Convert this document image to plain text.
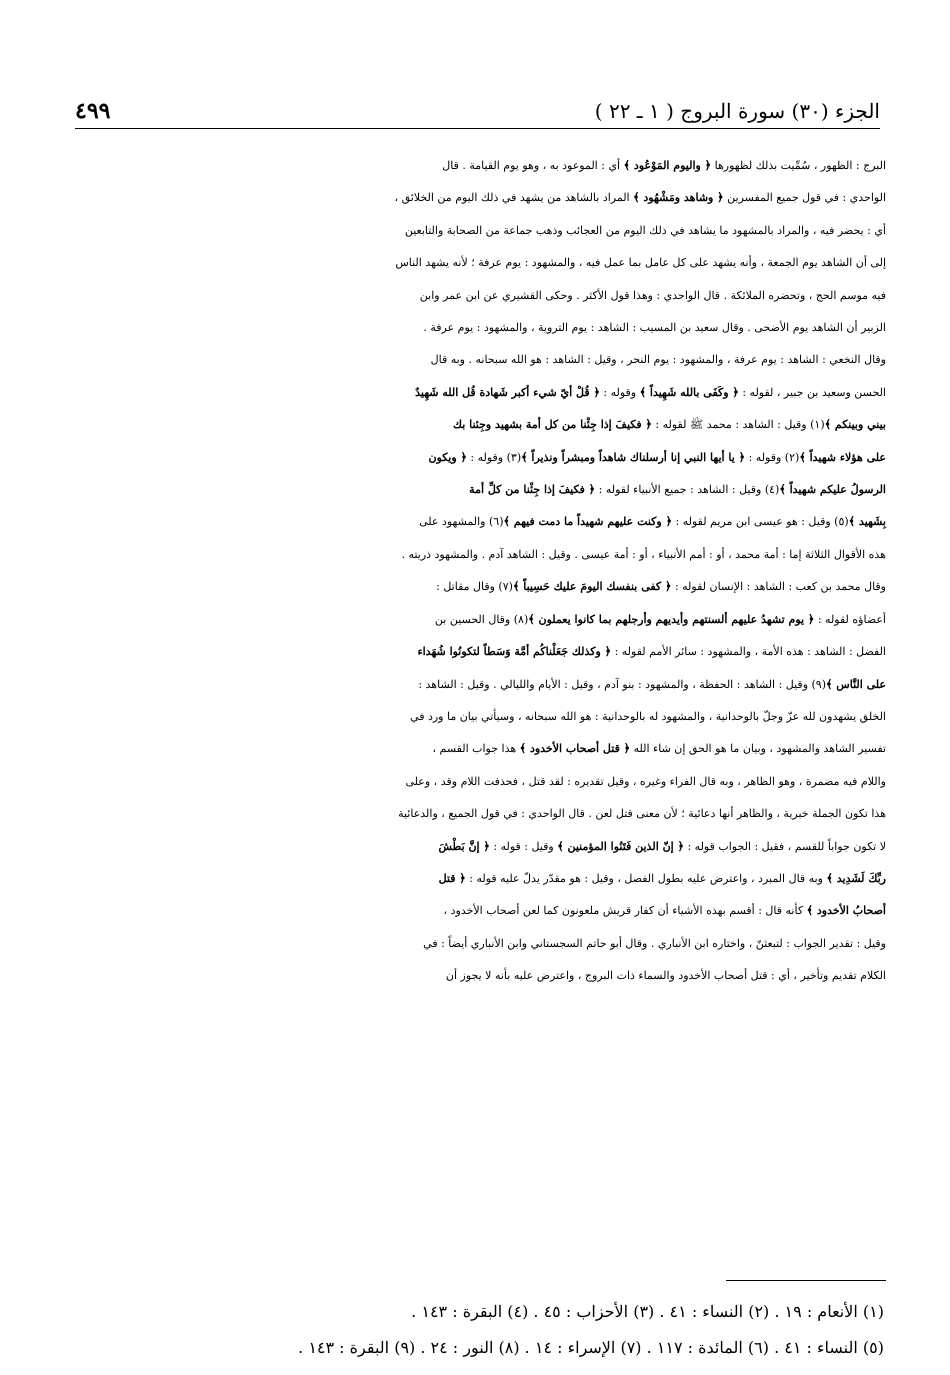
الجزء (٣٠) سورة البروج ( ١ ـ ٢٢ )
٤٩٩

البرج : الظهور ، سُمِّيت بذلك لظهورها ﴿ واليوم المَوْعُود ﴾ أي : الموعود به ، وهو يوم القيامة . قال

الواحدي : في قول جميع المفسرين ﴿ وشاهد ومَشْهُود ﴾ المراد بالشاهد من يشهد في ذلك اليوم من الخلائق ،

أي : يحضر فيه ، والمراد بالمشهود ما يشاهد في ذلك اليوم من العجائب وذهب جماعة من الصحابة والتابعين

إلى أن الشاهد يوم الجمعة ، وأنه يشهد على كل عامل بما عمل فيه ، والمشهود : يوم عرفة ؛ لأنه يشهد الناس

فيه موسم الحج ، وتحضره الملائكة . قال الواحدي : وهذا قول الأكثر . وحكى القشيري عن ابن عمر وابن

الزبير أن الشاهد يوم الأضحى . وقال سعيد بن المسيب : الشاهد : يوم التروية ، والمشهود : يوم عرفة .

وقال النخعي : الشاهد : يوم عرفة ، والمشهود : يوم النحر ، وقيل : الشاهد : هو الله سبحانه . وبه قال

الحسن وسعيد بن جبير ، لقوله : ﴿ وكَفَى بالله شَهِيداً ﴾ وقوله : ﴿ قُلْ أيّ شيء أكبر شَهادة قُل الله شَهِيدٌ

بيني وبينكم ﴾(١) وقيل : الشاهد : محمد ﷺ لقوله : ﴿ فكيفَ إذا جِئْنا من كل أمة بشهيد وجِئنا بك

على هؤلاء شهيداً ﴾(٢) وقوله : ﴿ يا أيها النبي إنا أرسلناك شاهداً ومبشراً ونذيراً ﴾(٣) وقوله : ﴿ ويكون

الرسولُ عليكم شهيداً ﴾(٤) وقيل : الشاهد : جميع الأنبياء لقوله : ﴿ فكيفَ إذا جِئْنا من كلِّ أمة

بِشَهيد ﴾(٥) وقيل : هو عيسى ابن مريم لقوله : ﴿ وكنت عليهم شهيداً ما دمت فيهم ﴾(٦) والمشهود على

هذه الأقوال الثلاثة إما : أمة محمد ، أو : أمم الأنبياء ، أو : أمة عيسى . وقيل : الشاهد آدم . والمشهود ذريته .

وقال محمد بن كعب : الشاهد : الإنسان لقوله : ﴿ كفى بنفسك اليومَ عليك حَسِيباً ﴾(٧) وقال مقاتل :

أعضاؤه لقوله : ﴿ يوم تشهدُ عليهم ألسنتهم وأيديهم وأرجلهم بما كانوا يعملون ﴾(٨) وقال الحسين بن

الفضل : الشاهد : هذه الأمة ، والمشهود : سائر الأمم لقوله : ﴿ وكذلك جَعَلْناكُم أمَّة وَسَطاً لتكونُوا شُهَداء

على النَّاس ﴾(٩) وقيل : الشاهد : الحفظة ، والمشهود : بنو آدم ، وقيل : الأيام والليالي . وقيل : الشاهد :

الخلق يشهدون لله عزّ وجلّ بالوحدانية ، والمشهود له بالوحدانية : هو الله سبحانه ، وسيأتي بيان ما ورد في

تفسير الشاهد والمشهود ، وبيان ما هو الحق إن شاء الله ﴿ قتل أصحاب الأخدود ﴾ هذا جواب القسم ،

واللام فيه مضمرة ، وهو الظاهر ، وبه قال الفراء وغيره ، وقيل تقديره : لقد قتل ، فحذفت اللام وقد ، وعلى

هذا تكون الجملة خبرية ، والظاهر أنها دعائية ؛ لأن معنى قتل لعن . قال الواحدي : في قول الجميع ، والدعائية

لا تكون جواباً للقسم ، فقيل : الجواب قوله : ﴿ إنّ الذين فَتَنُوا المؤمنين ﴾ وقيل : قوله : ﴿ إنَّ بَطْشَ

ربِّكَ لَشَدِيد ﴾ وبه قال المبرد ، واعترض عليه بطول الفصل ، وقيل : هو مقدّر يدلّ عليه قوله : ﴿ قتل

أصحابُ الأخدود ﴾ كأنه قال : أقسم بهذه الأشياء أن كفار قريش ملعونون كما لعن أصحاب الأخدود ،

وقيل : تقدير الجواب : لتبعثنّ ، واختاره ابن الأنباري . وقال أبو حاتم السجستاني وابن الأنباري أيضاً : في

الكلام تقديم وتأخير ، أي : قتل أصحاب الأخدود والسماء ذات البروج ، واعترض عليه بأنه لا يجوز أن

(١) الأنعام : ١٩ . (٢) النساء : ٤١ . (٣) الأحزاب : ٤٥ . (٤) البقرة : ١٤٣ .
(٥) النساء : ٤١ . (٦) المائدة : ١١٧ . (٧) الإسراء : ١٤ . (٨) النور : ٢٤ . (٩) البقرة : ١٤٣ .
